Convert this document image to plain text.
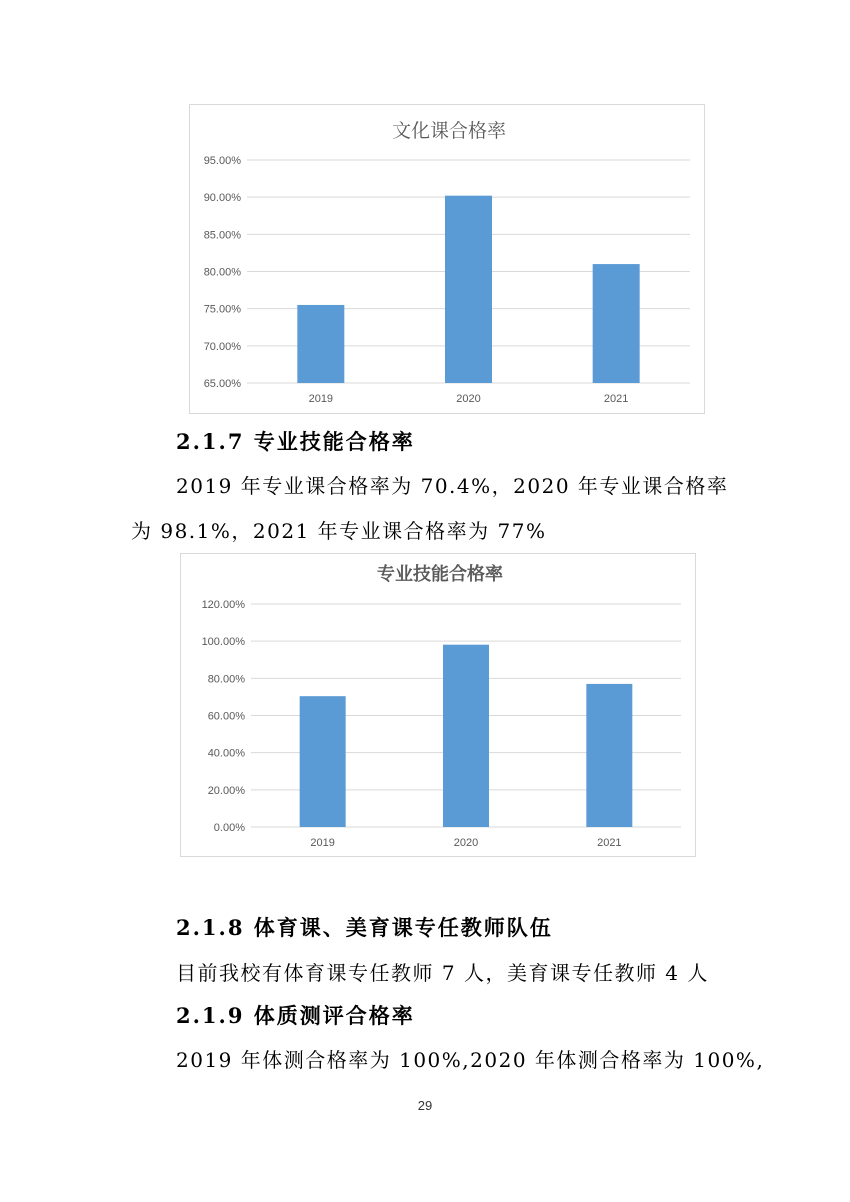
文化课合格率
95.00%
90.00%
85.00%
80.00%
75.00%
70.00%
65.00%
2019	2020	2021
2.1.7 专业技能合格率
2019 年专业课合格率为 70.4%，2020 年专业课合格率
为 98.1%，2021 年专业课合格率为 77%
专业技能合格率
120.00%
100.00%
80.00%
60.00%
40.00%
20.00%
0.00%
2019	2020	2021
2.1.8 体育课、美育课专任教师队伍
目前我校有体育课专任教师 7 人，美育课专任教师 4 人
2.1.9 体质测评合格率
2019 年体测合格率为 100%,2020 年体测合格率为 100%,
29
